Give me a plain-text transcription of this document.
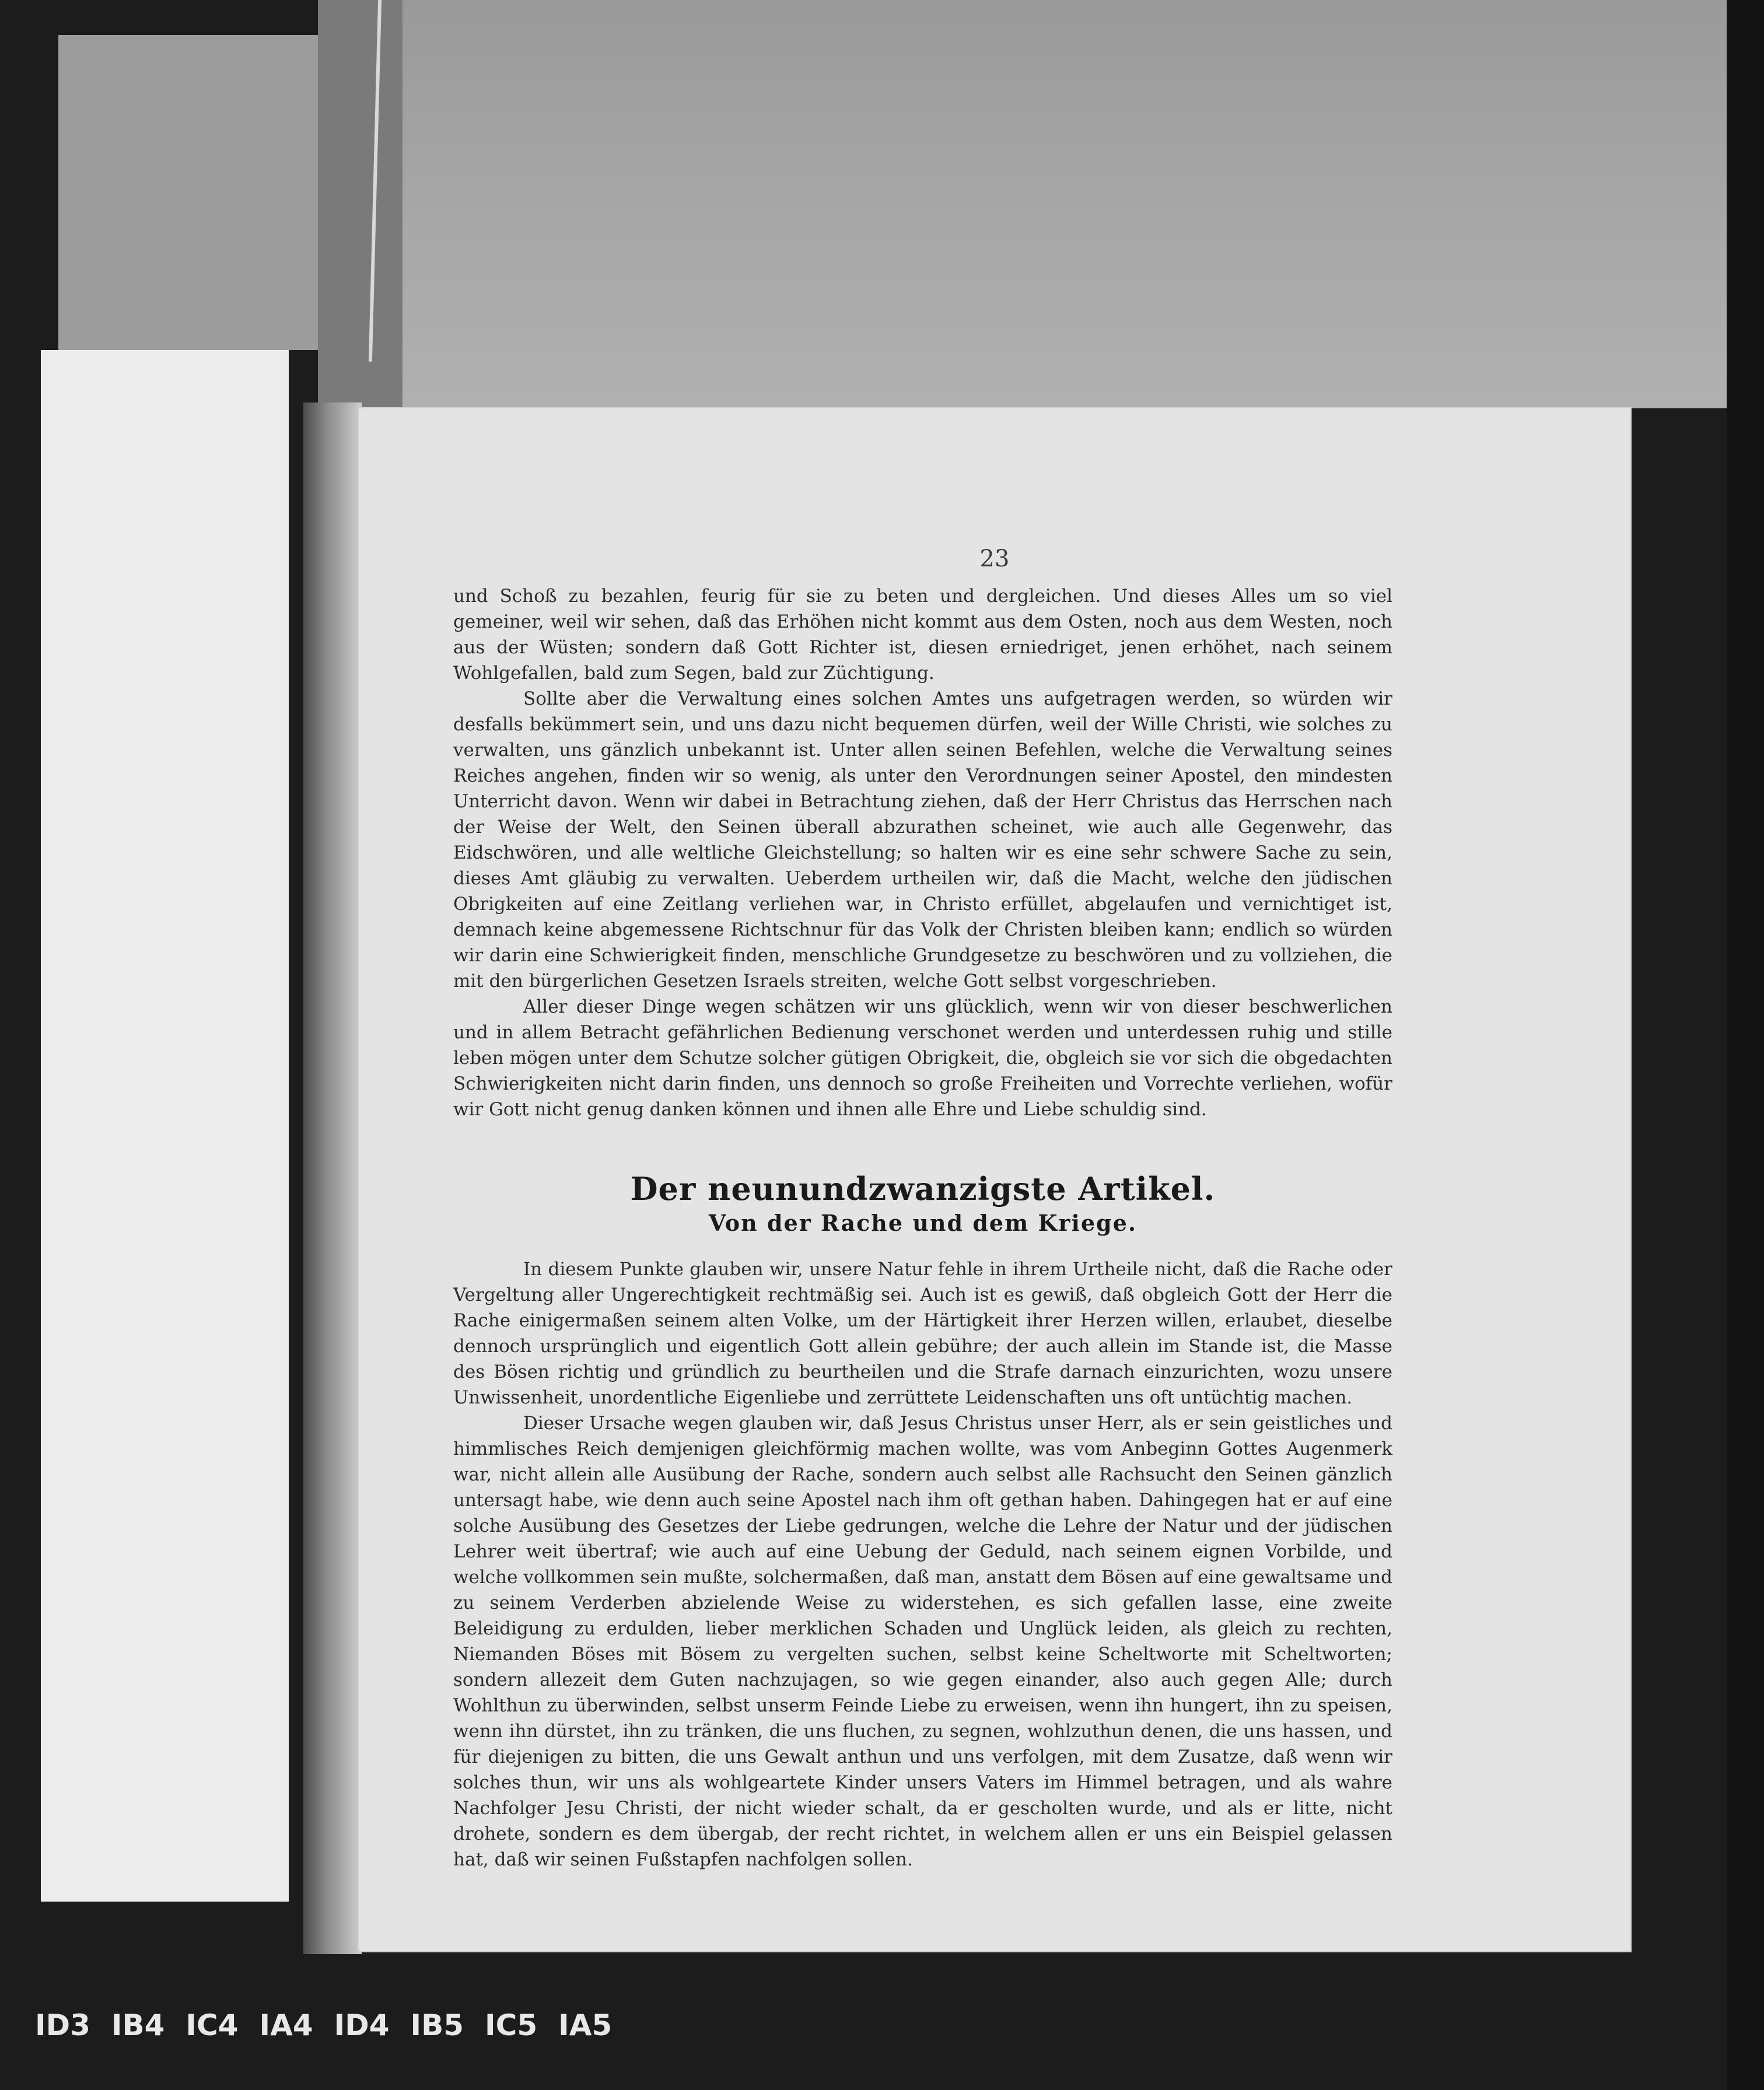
23

und Schoß zu bezahlen, feurig für sie zu beten und dergleichen. Und dieses Alles um so viel gemeiner, weil wir sehen, daß das Erhöhen nicht kommt aus dem Osten, noch aus dem Westen, noch aus der Wüsten; sondern daß Gott Richter ist, diesen erniedriget, jenen erhöhet, nach seinem Wohlgefallen, bald zum Segen, bald zur Züchtigung.

Sollte aber die Verwaltung eines solchen Amtes uns aufgetragen werden, so würden wir desfalls bekümmert sein, und uns dazu nicht bequemen dürfen, weil der Wille Christi, wie solches zu verwalten, uns gänzlich unbekannt ist. Unter allen seinen Befehlen, welche die Verwaltung seines Reiches angehen, finden wir so wenig, als unter den Verordnungen seiner Apostel, den mindesten Unterricht davon. Wenn wir dabei in Betrachtung ziehen, daß der Herr Christus das Herrschen nach der Weise der Welt, den Seinen überall abzurathen scheinet, wie auch alle Gegenwehr, das Eidschwören, und alle weltliche Gleichstellung; so halten wir es eine sehr schwere Sache zu sein, dieses Amt gläubig zu verwalten. Ueberdem urtheilen wir, daß die Macht, welche den jüdischen Obrigkeiten auf eine Zeitlang verliehen war, in Christo erfüllet, abgelaufen und vernichtiget ist, demnach keine abgemessene Richtschnur für das Volk der Christen bleiben kann; endlich so würden wir darin eine Schwierigkeit finden, menschliche Grundgesetze zu beschwören und zu vollziehen, die mit den bürgerlichen Gesetzen Israels streiten, welche Gott selbst vorgeschrieben.

Aller dieser Dinge wegen schätzen wir uns glücklich, wenn wir von dieser beschwerlichen und in allem Betracht gefährlichen Bedienung verschonet werden und unterdessen ruhig und stille leben mögen unter dem Schutze solcher gütigen Obrigkeit, die, obgleich sie vor sich die obgedachten Schwierigkeiten nicht darin finden, uns dennoch so große Freiheiten und Vorrechte verliehen, wofür wir Gott nicht genug danken können und ihnen alle Ehre und Liebe schuldig sind.

Der neunundzwanzigste Artikel.
Von der Rache und dem Kriege.

In diesem Punkte glauben wir, unsere Natur fehle in ihrem Urtheile nicht, daß die Rache oder Vergeltung aller Ungerechtigkeit rechtmäßig sei. Auch ist es gewiß, daß obgleich Gott der Herr die Rache einigermaßen seinem alten Volke, um der Härtigkeit ihrer Herzen willen, erlaubet, dieselbe dennoch ursprünglich und eigentlich Gott allein gebühre; der auch allein im Stande ist, die Masse des Bösen richtig und gründlich zu beurtheilen und die Strafe darnach einzurichten, wozu unsere Unwissenheit, unordentliche Eigenliebe und zerrüttete Leidenschaften uns oft untüchtig machen.

Dieser Ursache wegen glauben wir, daß Jesus Christus unser Herr, als er sein geistliches und himmlisches Reich demjenigen gleichförmig machen wollte, was vom Anbeginn Gottes Augenmerk war, nicht allein alle Ausübung der Rache, sondern auch selbst alle Rachsucht den Seinen gänzlich untersagt habe, wie denn auch seine Apostel nach ihm oft gethan haben. Dahingegen hat er auf eine solche Ausübung des Gesetzes der Liebe gedrungen, welche die Lehre der Natur und der jüdischen Lehrer weit übertraf; wie auch auf eine Uebung der Geduld, nach seinem eignen Vorbilde, und welche vollkommen sein mußte, solchermaßen, daß man, anstatt dem Bösen auf eine gewaltsame und zu seinem Verderben abzielende Weise zu widerstehen, es sich gefallen lasse, eine zweite Beleidigung zu erdulden, lieber merklichen Schaden und Unglück leiden, als gleich zu rechten, Niemanden Böses mit Bösem zu vergelten suchen, selbst keine Scheltworte mit Scheltworten; sondern allezeit dem Guten nachzujagen, so wie gegen einander, also auch gegen Alle; durch Wohlthun zu überwinden, selbst unserm Feinde Liebe zu erweisen, wenn ihn hungert, ihn zu speisen, wenn ihn dürstet, ihn zu tränken, die uns fluchen, zu segnen, wohlzuthun denen, die uns hassen, und für diejenigen zu bitten, die uns Gewalt anthun und uns verfolgen, mit dem Zusatze, daß wenn wir solches thun, wir uns als wohlgeartete Kinder unsers Vaters im Himmel betragen, und als wahre Nachfolger Jesu Christi, der nicht wieder schalt, da er gescholten wurde, und als er litte, nicht drohete, sondern es dem übergab, der recht richtet, in welchem allen er uns ein Beispiel gelassen hat, daß wir seinen Fußstapfen nachfolgen sollen.

ID3 IB4 IC4 IA4 ID4 IB5 IC5 IA5
